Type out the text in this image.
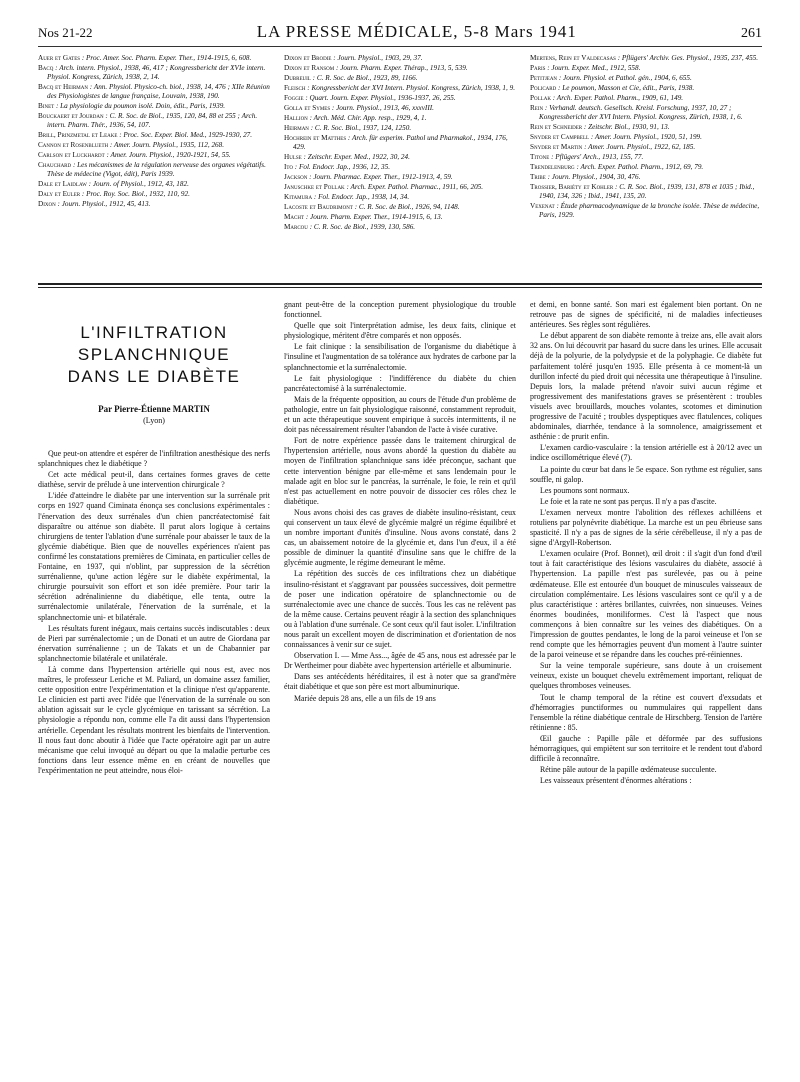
Nos 21-22	LA PRESSE MÉDICALE, 5-8 Mars 1941	261

Auer et Gates : Proc. Amer. Soc. Pharm. Exper. Ther., 1914-1915, 6, 608.

Bacq : Arch. intern. Physiol., 1938, 46, 417 ; Kongressbericht der XVIe intern. Physiol. Kongress, Zürich, 1938, 2, 14.

Bacq et Heirman : Ann. Physiol. Physico-ch. biol., 1938, 14, 476 ; XIIe Réunion des Physiologistes de langue française, Louvain, 1938, 190.

Binet : La physiologie du poumon isolé. Doin, édit., Paris, 1939.

Bouckaert et Jourdan : C. R. Soc. de Biol., 1935, 120, 84, 88 et 255 ; Arch. intern. Pharm. Thér., 1936, 54, 107.

Brill, Prinzmetal et Leake : Proc. Soc. Exper. Biol. Med., 1929-1930, 27.

Cannon et Rosenblueth : Amer. Journ. Physiol., 1935, 112, 268.

Carlson et Luckhardt : Amer. Journ. Physiol., 1920-1921, 54, 55.

Chauchard : Les mécanismes de la régulation nerveuse des organes végétatifs. Thèse de médecine (Vigot, édit), Paris 1939.

Dale et Laidlaw : Journ. of Physiol., 1912, 43, 182.

Daly et Euler : Proc. Roy. Soc. Biol., 1932, 110, 92.

Dixon : Journ. Physiol., 1912, 45, 413.

Dixon et Brodie : Journ. Physiol., 1903, 29, 37.

Dixon et Ransom : Journ. Pharm. Exper. Thérap., 1913, 5, 539.

Dubreuil : C. R. Soc. de Biol., 1923, 89, 1166.

Fleisch : Kongressbericht der XVI Intern. Physiol. Kongress, Zürich, 1938, 1, 9.

Foggie : Quart. Journ. Exper. Physiol., 1936-1937, 26, 255.

Golla et Symes : Journ. Physiol., 1913, 46, xxxvIII.

Hallion : Arch. Méd. Chir. App. resp., 1929, 4, 1.

Heirman : C. R. Soc. Biol., 1937, 124, 1250.

Hochrein et Matthes : Arch. für experim. Pathol und Pharmakol., 1934, 176, 429.

Hulse : Zeitschr. Exper. Med., 1922, 30, 24.

Ito : Fol. Endocr. Jap., 1936, 12, 35.

Jackson : Journ. Pharmac. Exper. Ther., 1912-1913, 4, 59.

Januschke et Pollak : Arch. Exper. Pathol. Pharmac., 1911, 66, 205.

Kitamura : Fol. Endocr. Jap., 1938, 14, 34.

Lacoste et Baudrimont : C. R. Soc. de Biol., 1926, 94, 1148.

Macht : Journ. Pharm. Exper. Ther., 1914-1915, 6, 13.

Marcou : C. R. Soc. de Biol., 1939, 130, 586.

Mertens, Rein et Valdecasas : Pflügers' Archiv. Ges. Physiol., 1935, 237, 455.

Paris : Journ. Exper. Med., 1912, 558.

Petitjean : Journ. Physiol. et Pathol. gén., 1904, 6, 655.

Policard : Le poumon, Masson et Cie, édit., Paris, 1938.

Pollak : Arch. Exper. Pathol. Pharm., 1909, 61, 149.

Rein : Verhandl. deutsch. Gesellsch. Kreisl. Forschung, 1937, 10, 27 ; Kongressbericht der XVI Intern. Physiol. Kongress, Zürich, 1938, 1, 6.

Rein et Schneider : Zeitschr. Biol., 1930, 91, 13.

Snyder et Campbell : Amer. Journ. Physiol., 1920, 51, 199.

Snyder et Martin : Amer. Journ. Physiol., 1922, 62, 185.

Titone : Pflügers' Arch., 1913, 155, 77.

Trendelenburg : Arch. Exper. Pathol. Pharm., 1912, 69, 79.

Tribe : Journ. Physiol., 1904, 30, 476.

Trossier, Bariéty et Kohler : C. R. Soc. Biol., 1939, 131, 878 et 1035 ; Ibid., 1940, 134, 326 ; Ibid., 1941, 135, 20.

Vexenat : Étude pharmacodynamique de la bronche isolée. Thèse de médecine, Paris, 1929.

L'INFILTRATION
SPLANCHNIQUE
DANS LE DIABÈTE

Par Pierre-Étienne MARTIN

(Lyon)

Que peut-on attendre et espérer de l'infiltration anesthésique des nerfs splanchniques chez le diabétique ?

Cet acte médical peut-il, dans certaines formes graves de cette diathèse, servir de prélude à une intervention chirurgicale ?

L'idée d'atteindre le diabète par une intervention sur la surrénale prit corps en 1927 quand Ciminata énonça ses conclusions expérimentales : l'énervation des deux surrénales d'un chien pancréatectomisé fait disparaître ou atténue son diabète. Il parut alors logique à certains chirurgiens de tenter l'ablation d'une surrénale pour abaisser le taux de la glycémie diabétique. Bien que de nouvelles expériences n'aient pas confirmé les constatations premières de Ciminata, en particulier celles de Fontaine, en 1937, qui n'oblint, par suppression de la sécrétion surrénalienne, qu'une action légère sur le diabète expérimental, la chirurgie poursuivit son effort et son idée première. Pour tarir la sécrétion adrénalinienne du diabétique, elle tenta, outre la surrénalectomie unilatérale, l'énervation de la surrénale, et la splanchnectomie uni- et bilatérale.

Les résultats furent inégaux, mais certains succès indiscutables : deux de Pieri par surrénalectomie ; un de Donati et un autre de Giordana par énervation surrénalienne ; un de Takats et un de Chabannier par splanchnectomie bilatérale et unilatérale.

Là comme dans l'hypertension artérielle qui nous est, avec nos maîtres, le professeur Leriche et M. Paliard, un domaine assez familier, cette opposition entre l'expérimentation et la clinique n'est qu'apparente. Le clinicien est parti avec l'idée que l'énervation de la surrénale ou son ablation agissait sur le cycle glycémique en tarissant sa sécrétion. La physiologie a répondu non, comme elle l'a dit aussi dans l'hypertension artérielle. Cependant les résultats montrent les bienfaits de l'intervention. Il nous faut donc aboutir à l'idée que l'acte opératoire agit par un autre mécanisme que celui invoqué au départ ou que la maladie perturbe ces fonctions dans leur essence même en en créant de nouvelles que l'expérimentation ne peut atteindre, nous éloi-

gnant peut-être de la conception purement physiologique du trouble fonctionnel.

Quelle que soit l'interprétation admise, les deux faits, clinique et physiologique, méritent d'être comparés et non opposés.

Le fait clinique : la sensibilisation de l'organisme du diabétique à l'insuline et l'augmentation de sa tolérance aux hydrates de carbone par la splanchnectomie et la surrénalectomie.

Le fait physiologique : l'indifférence du diabète du chien pancréatectomisé à la surrénalectomie.

Mais de la fréquente opposition, au cours de l'étude d'un problème de pathologie, entre un fait physiologique raisonné, constamment reproduit, et un acte thérapeutique souvent empirique à succès intermittents, il ne doit pas nécessairement résulter l'abandon de l'acte à visée curative.

Fort de notre expérience passée dans le traitement chirurgical de l'hypertension artérielle, nous avons abordé la question du diabète au moyen de l'infiltration splanchnique sans idée préconçue, sachant que cette intervention bénigne par elle-même et sans lendemain pour le malade agit en bloc sur le pancréas, la surrénale, le foie, le rein et qu'il n'est pas actuellement en notre pouvoir de dissocier ces rôles chez le diabétique.

Nous avons choisi des cas graves de diabète insulino-résistant, ceux qui conservent un taux élevé de glycémie malgré un régime équilibré et un nombre important d'unités d'insuline. Nous avons constaté, dans 2 cas, un abaissement notoire de la glycémie et, dans l'un d'eux, il a été possible de diminuer la quantité d'insuline sans que le chiffre de la glycémie augmente, le régime demeurant le même.

La répétition des succès de ces infiltrations chez un diabétique insulino-résistant et s'aggravant par poussées successives, doit permettre de poser une indication opératoire de splanchnectomie ou de surrénalectomie avec une chance de succès. Tous les cas ne relèvent pas de la même cause. Certains peuvent réagir à la section des splanchniques ou à l'ablation d'une surrénale. Ce sont ceux qu'il faut isoler. L'infiltration nous paraît un excellent moyen de discrimination et d'orientation de nos connaissances à venir sur ce sujet.

Observation I. — Mme Ass..., âgée de 45 ans, nous est adressée par le Dr Wertheimer pour diabète avec hypertension artérielle et albuminurie.

Dans ses antécédents héréditaires, il est à noter que sa grand'mère était diabétique et que son père est mort albuminurique.

Mariée depuis 28 ans, elle a un fils de 19 ans

et demi, en bonne santé. Son mari est également bien portant. On ne retrouve pas de signes de spécificité, ni de maladies infectieuses antérieures. Ses règles sont régulières.

Le début apparent de son diabète remonte à treize ans, elle avait alors 32 ans. On lui découvrit par hasard du sucre dans les urines. Elle accusait déjà de la polyurie, de la polydypsie et de la polyphagie. Ce diabète fut parfaitement toléré jusqu'en 1935. Elle présenta à ce moment-là un durillon infecté du pied droit qui nécessita une thérapeutique à l'insuline. Depuis lors, la malade prétend n'avoir suivi aucun régime et progressivement des manifestations graves se présentèrent : troubles visuels avec brouillards, mouches volantes, scotomes et diminution progressive de l'acuité ; troubles dyspeptiques avec flatulences, coliques abdominales, diarrhée, tendance à la somnolence, amaigrissement et asthénie : de prurit enfin.

L'examen cardio-vasculaire : la tension artérielle est à 20/12 avec un indice oscillométrique élevé (7).

La pointe du cœur bat dans le 5e espace. Son rythme est régulier, sans souffle, ni galop.

Les poumons sont normaux.

Le foie et la rate ne sont pas perçus. Il n'y a pas d'ascite.

L'examen nerveux montre l'abolition des réflexes achilléens et rotuliens par polynévrite diabétique. La marche est un peu ébrieuse sans spasticité. Il n'y a pas de signes de la série cérébelleuse, il n'y a pas de signe d'Argyll-Robertson.

L'examen oculaire (Prof. Bonnet), œil droit : il s'agit d'un fond d'œil tout à fait caractéristique des lésions vasculaires du diabète, associé à l'hypertension. La papille n'est pas surélevée, pas ou à peine œdémateuse. Elle est entourée d'un bouquet de minuscules vaisseaux de circulation complémentaire. Les lésions vasculaires sont ce qu'il y a de plus caractéristique : artères brillantes, cuivrées, non sinueuses. Veines énormes boudinées, moniliformes. C'est là l'aspect que nous commençons à bien connaître sur les veines des diabétiques. On a l'impression de gouttes pendantes, le long de la paroi veineuse et l'on se rend compte que les hémorragies peuvent d'un moment à l'autre suinter de la paroi veineuse et se répandre dans les couches pré-réiniennes.

Sur la veine temporale supérieure, sans doute à un croisement veineux, existe un bouquet chevelu extrêmement important, reliquat de quelques thromboses veineuses.

Tout le champ temporal de la rétine est couvert d'exsudats et d'hémorragies punctiformes ou nummulaires qui rappellent dans l'ensemble la rétine diabétique centrale de Hirschberg. Tension de l'artère rétinienne : 85.

Œil gauche : Papille pâle et déformée par des suffusions hémorragiques, qui empiètent sur son territoire et le rendent tout d'abord difficile à reconnaître.

Rétine pâle autour de la papille œdémateuse succulente.

Les vaisseaux présentent d'énormes altérations :
